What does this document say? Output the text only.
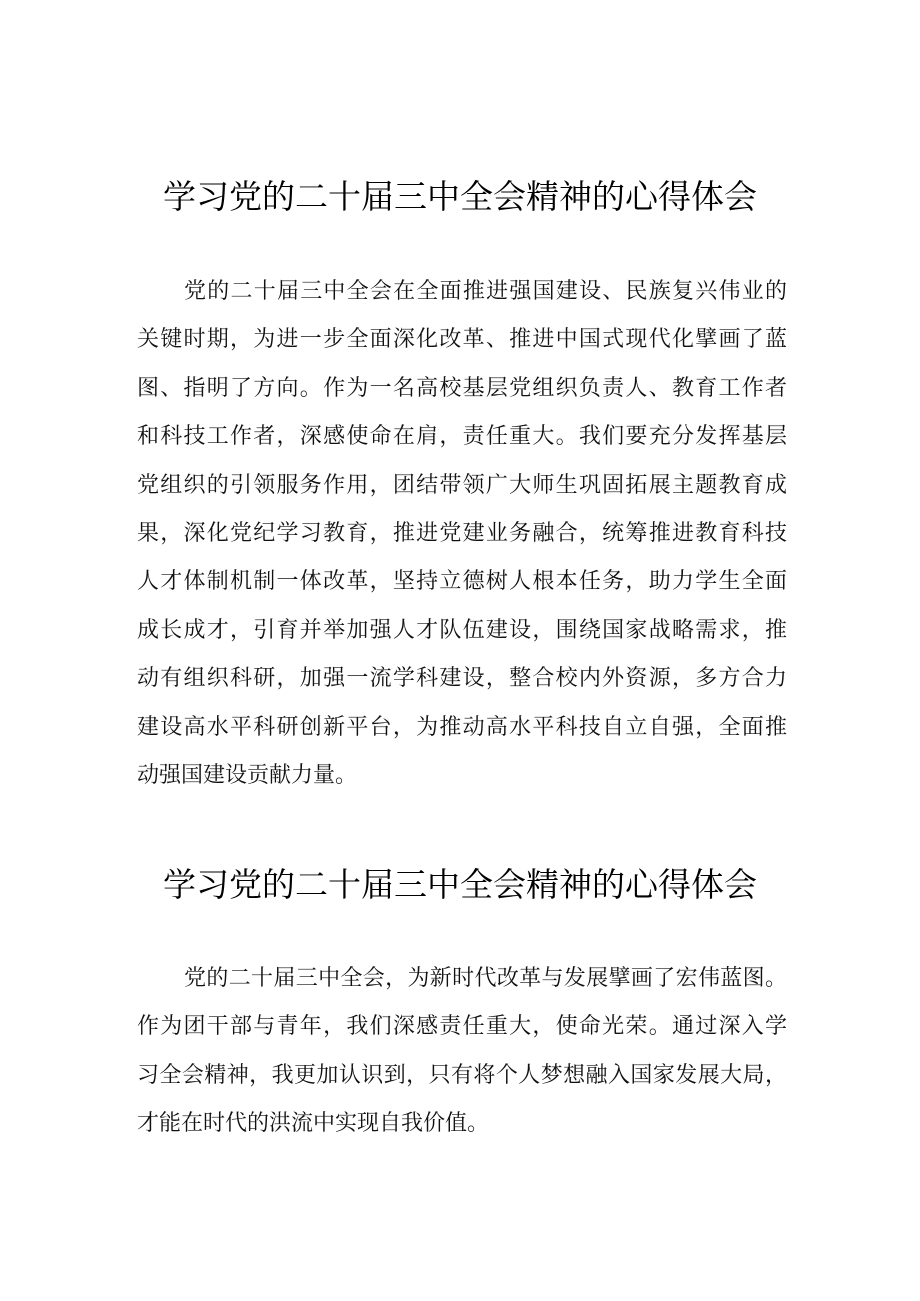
学习党的二十届三中全会精神的心得体会
党的二十届三中全会在全面推进强国建设、民族复兴伟业的
关键时期，为进一步全面深化改革、推进中国式现代化擘画了蓝
图、指明了方向。作为一名高校基层党组织负责人、教育工作者
和科技工作者，深感使命在肩，责任重大。我们要充分发挥基层
党组织的引领服务作用，团结带领广大师生巩固拓展主题教育成
果，深化党纪学习教育，推进党建业务融合，统筹推进教育科技
人才体制机制一体改革，坚持立德树人根本任务，助力学生全面
成长成才，引育并举加强人才队伍建设，围绕国家战略需求，推
动有组织科研，加强一流学科建设，整合校内外资源，多方合力
建设高水平科研创新平台，为推动高水平科技自立自强，全面推
动强国建设贡献力量。
学习党的二十届三中全会精神的心得体会
党的二十届三中全会，为新时代改革与发展擘画了宏伟蓝图。
作为团干部与青年，我们深感责任重大，使命光荣。通过深入学
习全会精神，我更加认识到，只有将个人梦想融入国家发展大局，
才能在时代的洪流中实现自我价值。
